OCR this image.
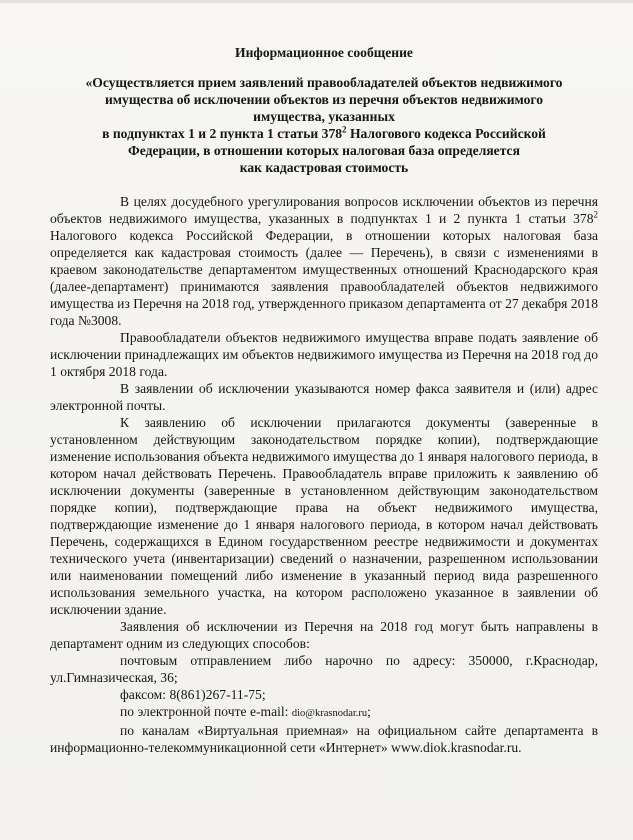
Информационное сообщение
«Осуществляется прием заявлений правообладателей объектов недвижимого
имущества об исключении объектов из перечня объектов недвижимого
имущества, указанных
в подпунктах 1 и 2 пункта 1 статьи $378^2$ Налогового кодекса Российской
Федерации, в отношении которых налоговая база определяется
как кадастровая стоимость

В целях досудебного урегулирования вопросов исключении объектов из перечня объектов недвижимого имущества, указанных в подпунктах 1 и 2 пункта 1 статьи $378^2$ Налогового кодекса Российской Федерации, в отношении которых налоговая база определяется как кадастровая стоимость (далее — Перечень), в связи с изменениями в краевом законодательстве департаментом имущественных отношений Краснодарского края (далее-департамент) принимаются заявления правообладателей объектов недвижимого имущества из Перечня на 2018 год, утвержденного приказом департамента от 27 декабря 2018 года №3008.

Правообладатели объектов недвижимого имущества вправе подать заявление об исключении принадлежащих им объектов недвижимого имущества из Перечня на 2018 год до 1 октября 2018 года.

В заявлении об исключении указываются номер факса заявителя и (или) адрес электронной почты.

К заявлению об исключении прилагаются документы (заверенные в установленном действующим законодательством порядке копии), подтверждающие изменение использования объекта недвижимого имущества до 1 января налогового периода, в котором начал действовать Перечень. Правообладатель вправе приложить к заявлению об исключении документы (заверенные в установленном действующим законодательством порядке копии), подтверждающие права на объект недвижимого имущества, подтверждающие изменение до 1 января налогового периода, в котором начал действовать Перечень, содержащихся в Едином государственном реестре недвижимости и документах технического учета (инвентаризации) сведений о назначении, разрешенном использовании или наименовании помещений либо изменение в указанный период вида разрешенного использования земельного участка, на котором расположено указанное в заявлении об исключении здание.

Заявления об исключении из Перечня на 2018 год могут быть направлены в департамент одним из следующих способов:

почтовым отправлением либо нарочно по адресу: 350000, г.Краснодар, ул.Гимназическая, 36;

факсом: 8(861)267-11-75;

по электронной почте e-mail: dio@krasnodar.ru;

по каналам «Виртуальная приемная» на официальном сайте департамента в информационно-телекоммуникационной сети «Интернет» www.diok.krasnodar.ru.
